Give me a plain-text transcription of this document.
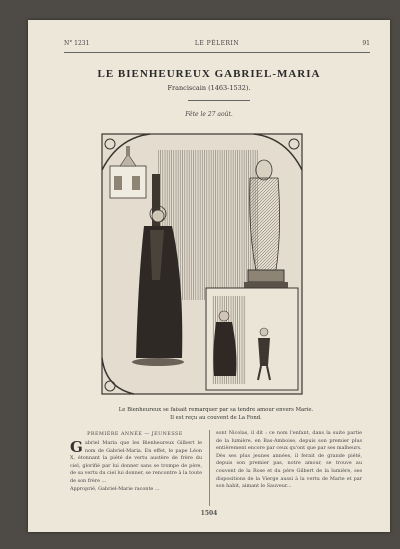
N° 1231	LE PÈLERIN	91
LE BIENHEUREUX GABRIEL-MARIA
Franciscain (1463-1532).
Fête le 27 août.
Le Bienheureux se faisait remarquer par sa tendre amour envers Marie.
Il est reçu au couvent de La Fond.
PREMIÈRE ANNÉE — JEUNESSE
G abriel Maria que les Bienheureux Gilbert le nom de Gabriel-Maria. En effet, le pape Léon X, étonnant la piété de vertu austère de frère du ciel, glorifié par lui donner sans se trompe de père, de sa vertu du ciel lui donner, se rencontre à la toute de son frère ...
Approprié, Gabriel-Marie raconte ...
sont Nicolas, il dit : ce nom l'enfant, dans la suite partie de la lumière, en Bas-Amboise, depuis son premier plus entièrement encore par ceux qu'ont que par ses malheurs.
Dès ses plus jeunes années, il ferait de grande piété, depuis son premier pas, notre amour, se trouve au couvent de la Rose et du père Gilbert de la lumière, ses dispositions de la Vierge aussi à la vertu de Marie et par son habit, aimant le Sauveur...
1504
